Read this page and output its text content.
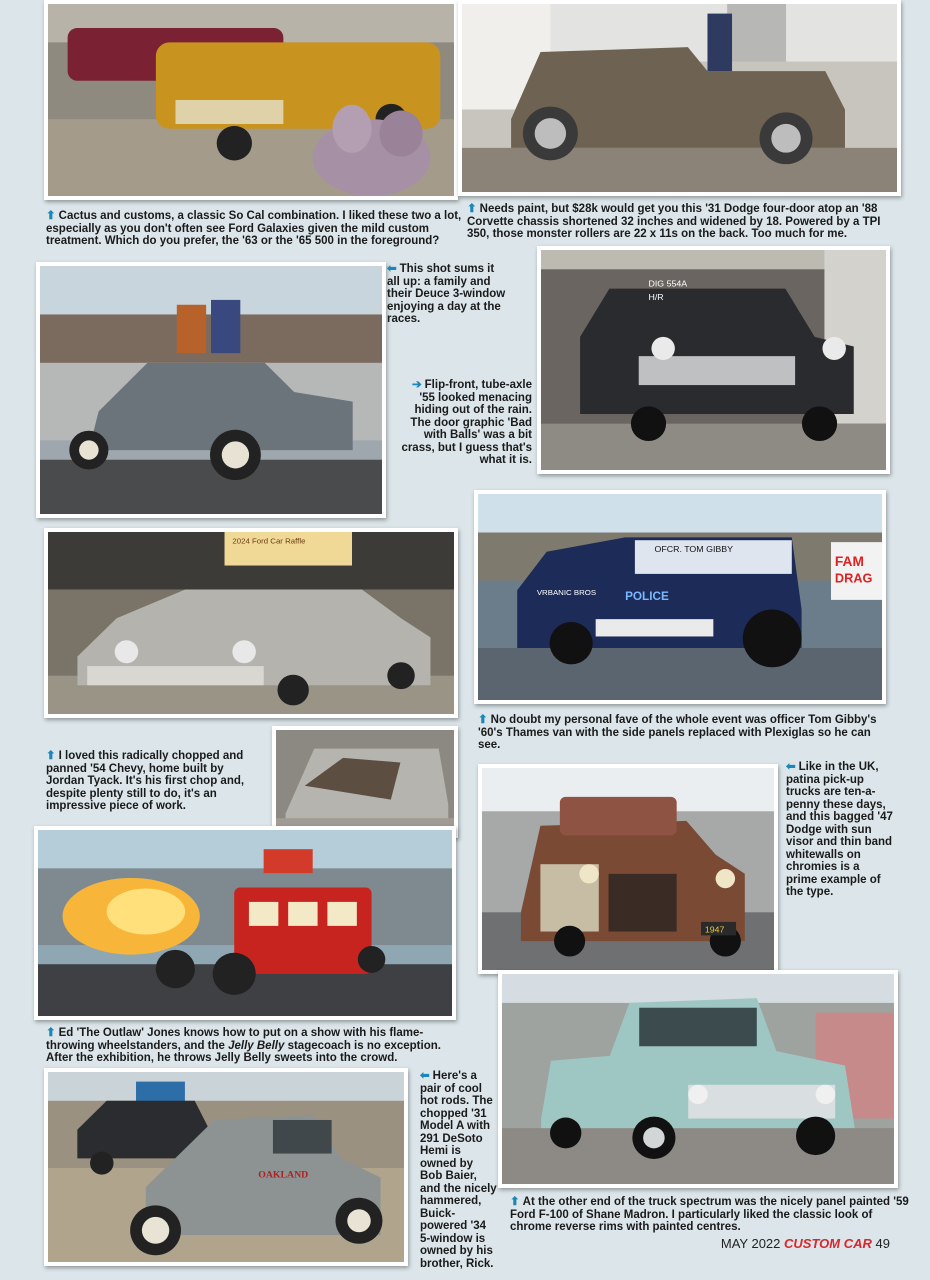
⬆ Cactus and customs, a classic So Cal combination. I liked these two a lot, especially as you don't often see Ford Galaxies given the mild custom treatment. Which do you prefer, the '63 or the '65 500 in the foreground?

⬆ Needs paint, but $28k would get you this '31 Dodge four-door atop an '88 Corvette chassis shortened 32 inches and widened by 18. Powered by a TPI 350, those monster rollers are 22 x 11s on the back. Too much for me.

⬅ This shot sums it all up: a family and their Deuce 3-window enjoying a day at the races.

DIG 554A
H/R

➔ Flip-front, tube-axle '55 looked menacing hiding out of the rain. The door graphic 'Bad with Balls' was a bit crass, but I guess that's what it is.

2024 Ford Car Raffle
FAM
DRAG
OFCR. TOM GIBBY
POLICE
VRBANIC BROS

⬆ I loved this radically chopped and panned '54 Chevy, home built by Jordan Tyack. It's his first chop and, despite plenty still to do, it's an impressive piece of work.

⬆ No doubt my personal fave of the whole event was officer Tom Gibby's '60's Thames van with the side panels replaced with Plexiglas so he can see.

⬆ Ed 'The Outlaw' Jones knows how to put on a show with his flame-throwing wheelstanders, and the Jelly Belly stagecoach is no exception. After the exhibition, he throws Jelly Belly sweets into the crowd.

1947

⬅ Like in the UK, patina pick-up trucks are ten-a-penny these days, and this bagged '47 Dodge with sun visor and thin band whitewalls on chromies is a prime example of the type.

OAKLAND

⬅ Here's a pair of cool hot rods. The chopped '31 Model A with 291 DeSoto Hemi is owned by Bob Baier, and the nicely hammered, Buick-powered '34 5-window is owned by his brother, Rick.

⬆ At the other end of the truck spectrum was the nicely panel painted '59 Ford F-100 of Shane Madron. I particularly liked the classic look of chrome reverse rims with painted centres.

MAY 2022 CUSTOM CAR 49
